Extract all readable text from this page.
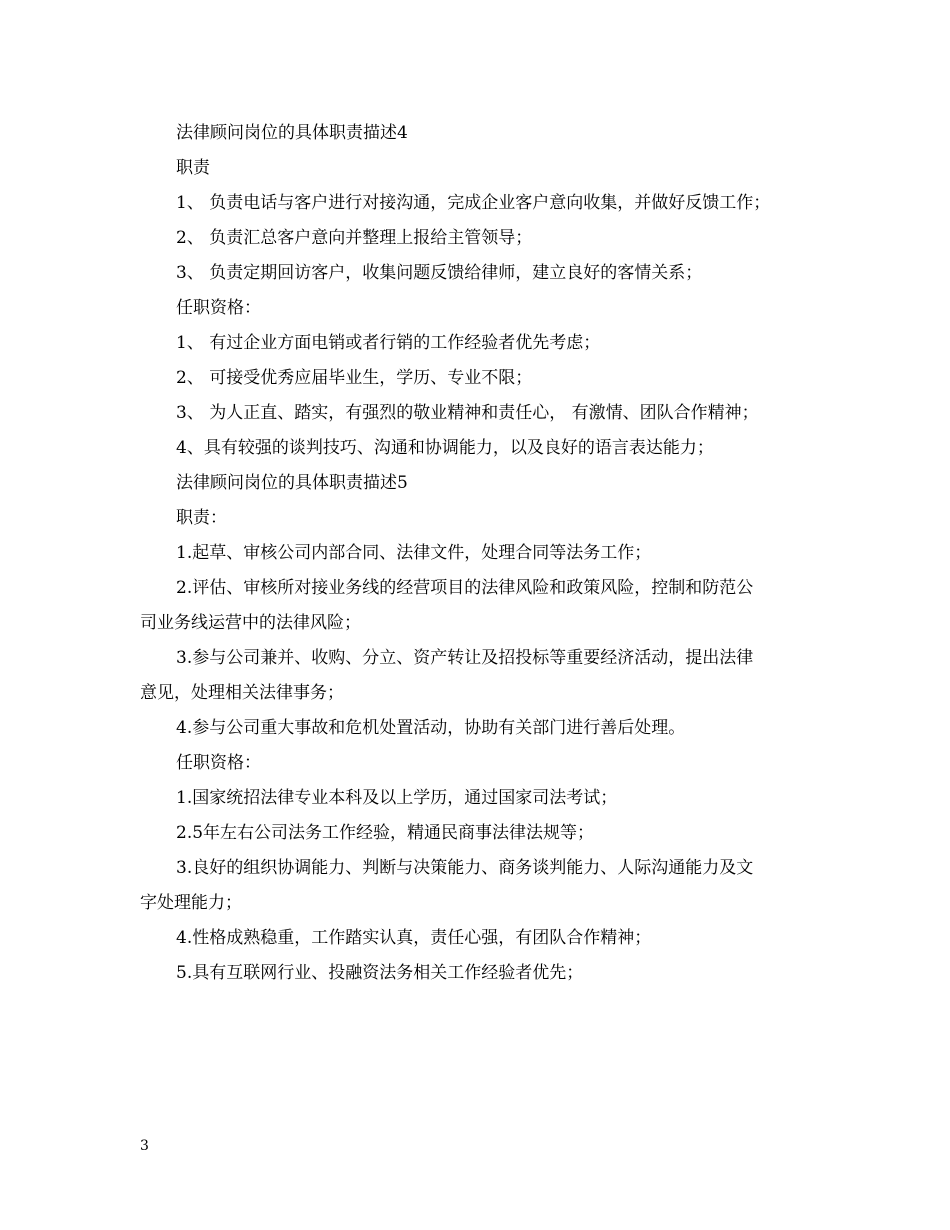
法律顾问岗位的具体职责描述4
职责
1、 负责电话与客户进行对接沟通，完成企业客户意向收集，并做好反馈工作；
2、 负责汇总客户意向并整理上报给主管领导；
3、 负责定期回访客户，收集问题反馈给律师，建立良好的客情关系；
任职资格：
1、 有过企业方面电销或者行销的工作经验者优先考虑；
2、 可接受优秀应届毕业生，学历、专业不限；
3、 为人正直、踏实，有强烈的敬业精神和责任心， 有激情、团队合作精神；
4、具有较强的谈判技巧、沟通和协调能力，以及良好的语言表达能力；
法律顾问岗位的具体职责描述5
职责：
1.起草、审核公司内部合同、法律文件，处理合同等法务工作；
2.评估、审核所对接业务线的经营项目的法律风险和政策风险，控制和防范公
司业务线运营中的法律风险；
3.参与公司兼并、收购、分立、资产转让及招投标等重要经济活动，提出法律
意见，处理相关法律事务；
4.参与公司重大事故和危机处置活动，协助有关部门进行善后处理。
任职资格：
1.国家统招法律专业本科及以上学历，通过国家司法考试；
2.5年左右公司法务工作经验，精通民商事法律法规等；
3.良好的组织协调能力、判断与决策能力、商务谈判能力、人际沟通能力及文
字处理能力；
4.性格成熟稳重，工作踏实认真，责任心强，有团队合作精神；
5.具有互联网行业、投融资法务相关工作经验者优先；
3
